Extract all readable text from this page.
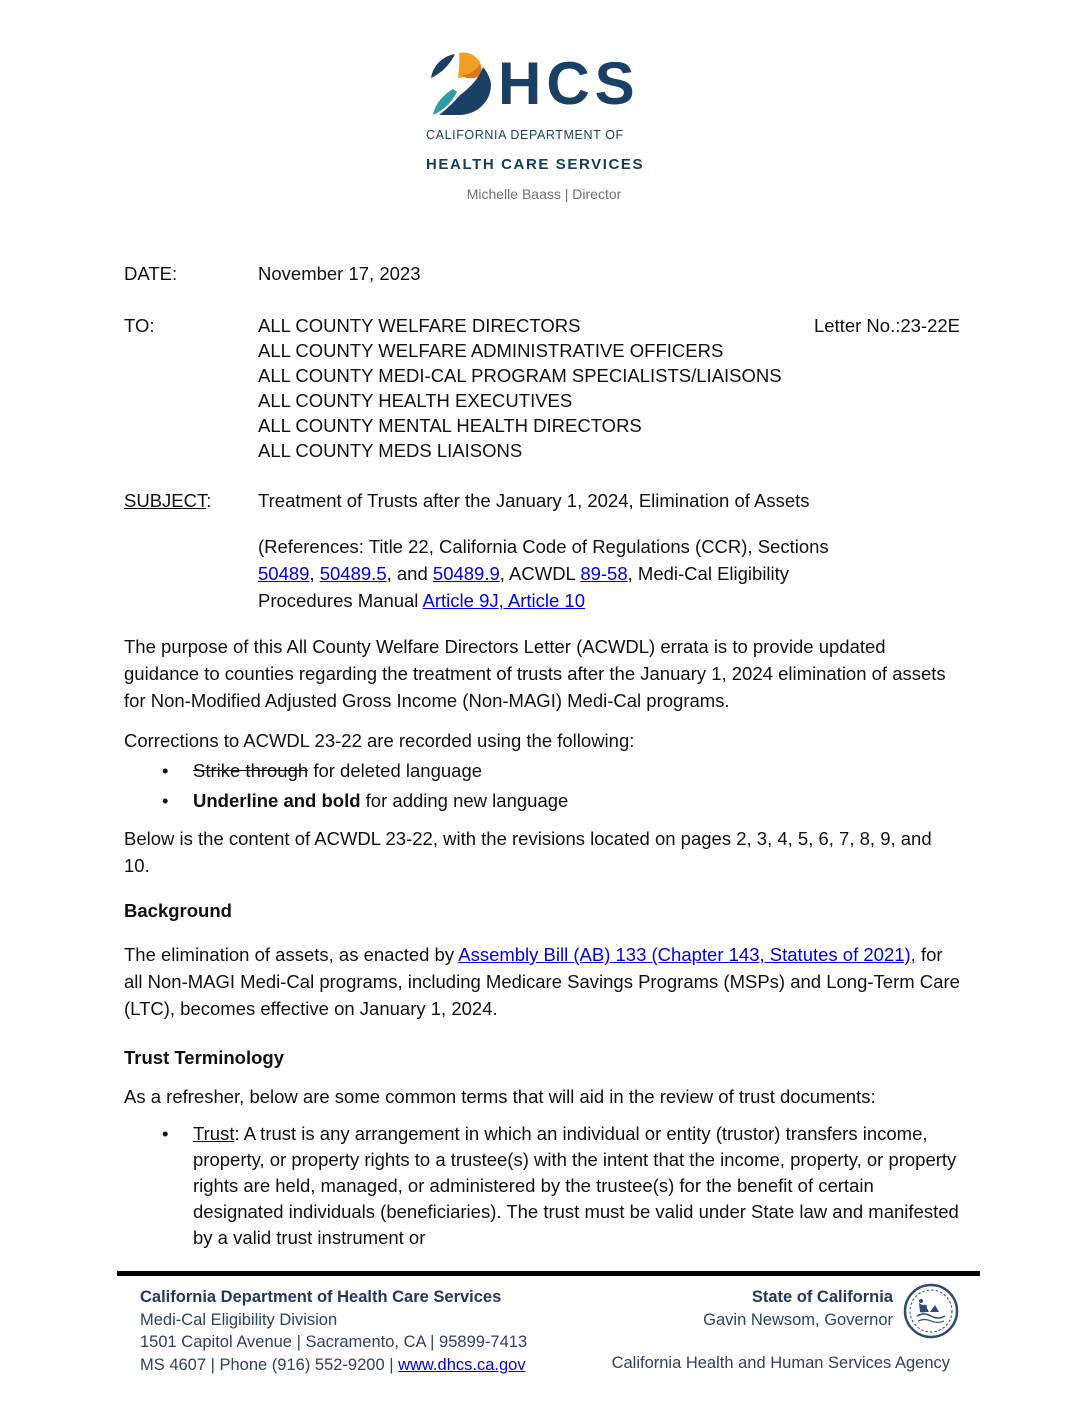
HCS
CALIFORNIA DEPARTMENT OF
HEALTH CARE SERVICES
Michelle Baass | Director
DATE:	November 17, 2023
TO:	ALL COUNTY WELFARE DIRECTORS	Letter No.:23-22E
ALL COUNTY WELFARE ADMINISTRATIVE OFFICERS
ALL COUNTY MEDI-CAL PROGRAM SPECIALISTS/LIAISONS
ALL COUNTY HEALTH EXECUTIVES
ALL COUNTY MENTAL HEALTH DIRECTORS
ALL COUNTY MEDS LIAISONS
SUBJECT:	Treatment of Trusts after the January 1, 2024, Elimination of Assets
(References: Title 22, California Code of Regulations (CCR), Sections
50489, 50489.5, and 50489.9, ACWDL 89-58, Medi-Cal Eligibility
Procedures Manual Article 9J, Article 10

The purpose of this All County Welfare Directors Letter (ACWDL) errata is to provide updated guidance to counties regarding the treatment of trusts after the January 1, 2024 elimination of assets for Non-Modified Adjusted Gross Income (Non-MAGI) Medi-Cal programs.

Corrections to ACWDL 23-22 are recorded using the following:

• Strike through for deleted language
• Underline and bold for adding new language

Below is the content of ACWDL 23-22, with the revisions located on pages 2, 3, 4, 5, 6, 7, 8, 9, and 10.

Background

The elimination of assets, as enacted by Assembly Bill (AB) 133 (Chapter 143, Statutes of 2021), for all Non-MAGI Medi-Cal programs, including Medicare Savings Programs (MSPs) and Long-Term Care (LTC), becomes effective on January 1, 2024.

Trust Terminology

As a refresher, below are some common terms that will aid in the review of trust documents:

• Trust: A trust is any arrangement in which an individual or entity (trustor) transfers income, property, or property rights to a trustee(s) with the intent that the income, property, or property rights are held, managed, or administered by the trustee(s) for the benefit of certain designated individuals (beneficiaries). The trust must be valid under State law and manifested by a valid trust instrument or
California Department of Health Care Services
Medi-Cal Eligibility Division
1501 Capitol Avenue | Sacramento, CA | 95899-7413
MS 4607 | Phone (916) 552-9200 | www.dhcs.ca.gov
State of California
Gavin Newsom, Governor
California Health and Human Services Agency
